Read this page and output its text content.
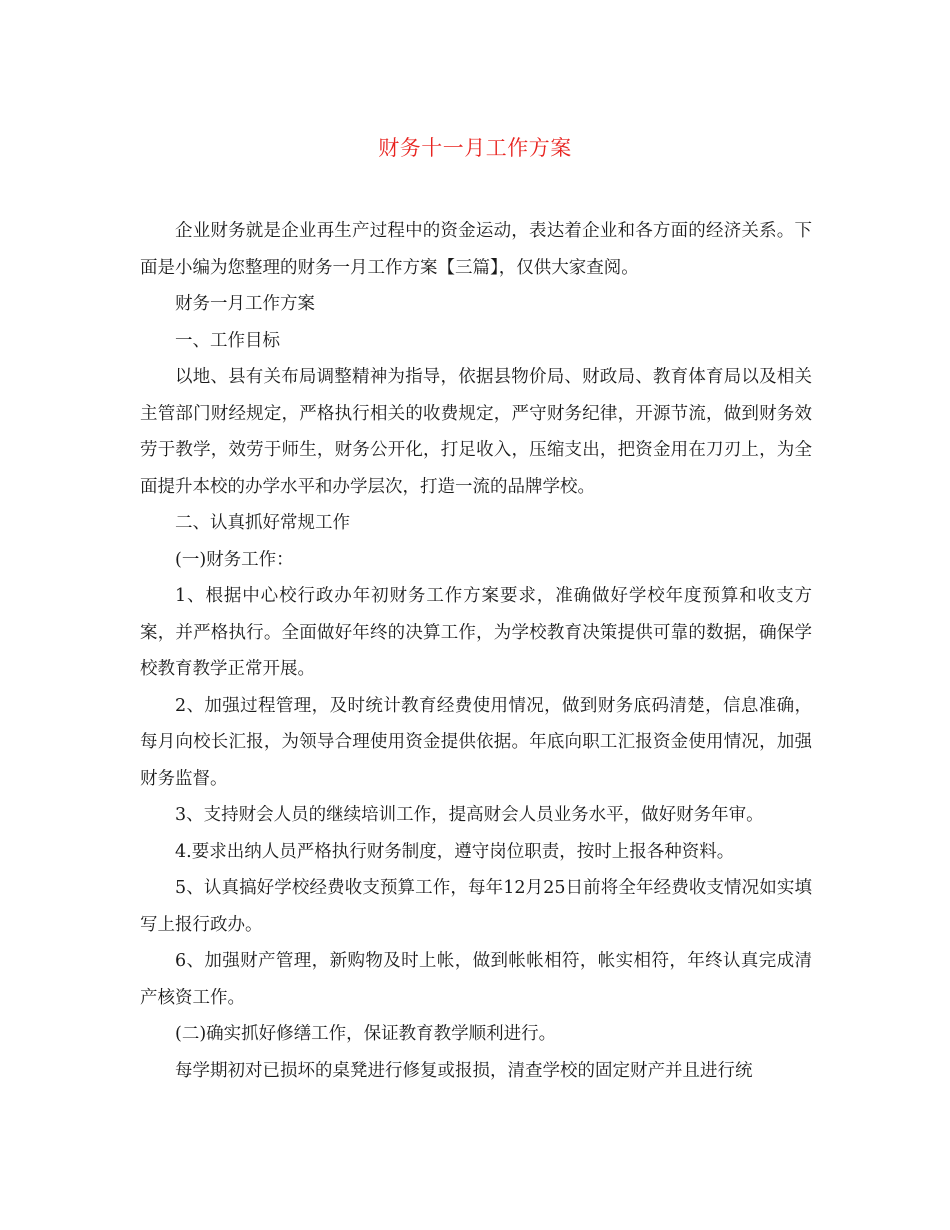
财务十一月工作方案

企业财务就是企业再生产过程中的资金运动，表达着企业和各方面的经济关系。下面是小编为您整理的财务一月工作方案【三篇】，仅供大家查阅。

财务一月工作方案

一、工作目标

以地、县有关布局调整精神为指导，依据县物价局、财政局、教育体育局以及相关主管部门财经规定，严格执行相关的收费规定，严守财务纪律，开源节流，做到财务效劳于教学，效劳于师生，财务公开化，打足收入，压缩支出，把资金用在刀刃上，为全面提升本校的办学水平和办学层次，打造一流的品牌学校。

二、认真抓好常规工作

(一)财务工作：

1、根据中心校行政办年初财务工作方案要求，准确做好学校年度预算和收支方案，并严格执行。全面做好年终的决算工作，为学校教育决策提供可靠的数据，确保学校教育教学正常开展。

2、加强过程管理，及时统计教育经费使用情况，做到财务底码清楚，信息准确，每月向校长汇报，为领导合理使用资金提供依据。年底向职工汇报资金使用情况，加强财务监督。

3、支持财会人员的继续培训工作，提高财会人员业务水平，做好财务年审。

4.要求出纳人员严格执行财务制度，遵守岗位职责，按时上报各种资料。

5、认真搞好学校经费收支预算工作，每年12月25日前将全年经费收支情况如实填写上报行政办。

6、加强财产管理，新购物及时上帐，做到帐帐相符，帐实相符，年终认真完成清产核资工作。

(二)确实抓好修缮工作，保证教育教学顺利进行。

每学期初对已损坏的桌凳进行修复或报损，清查学校的固定财产并且进行统
